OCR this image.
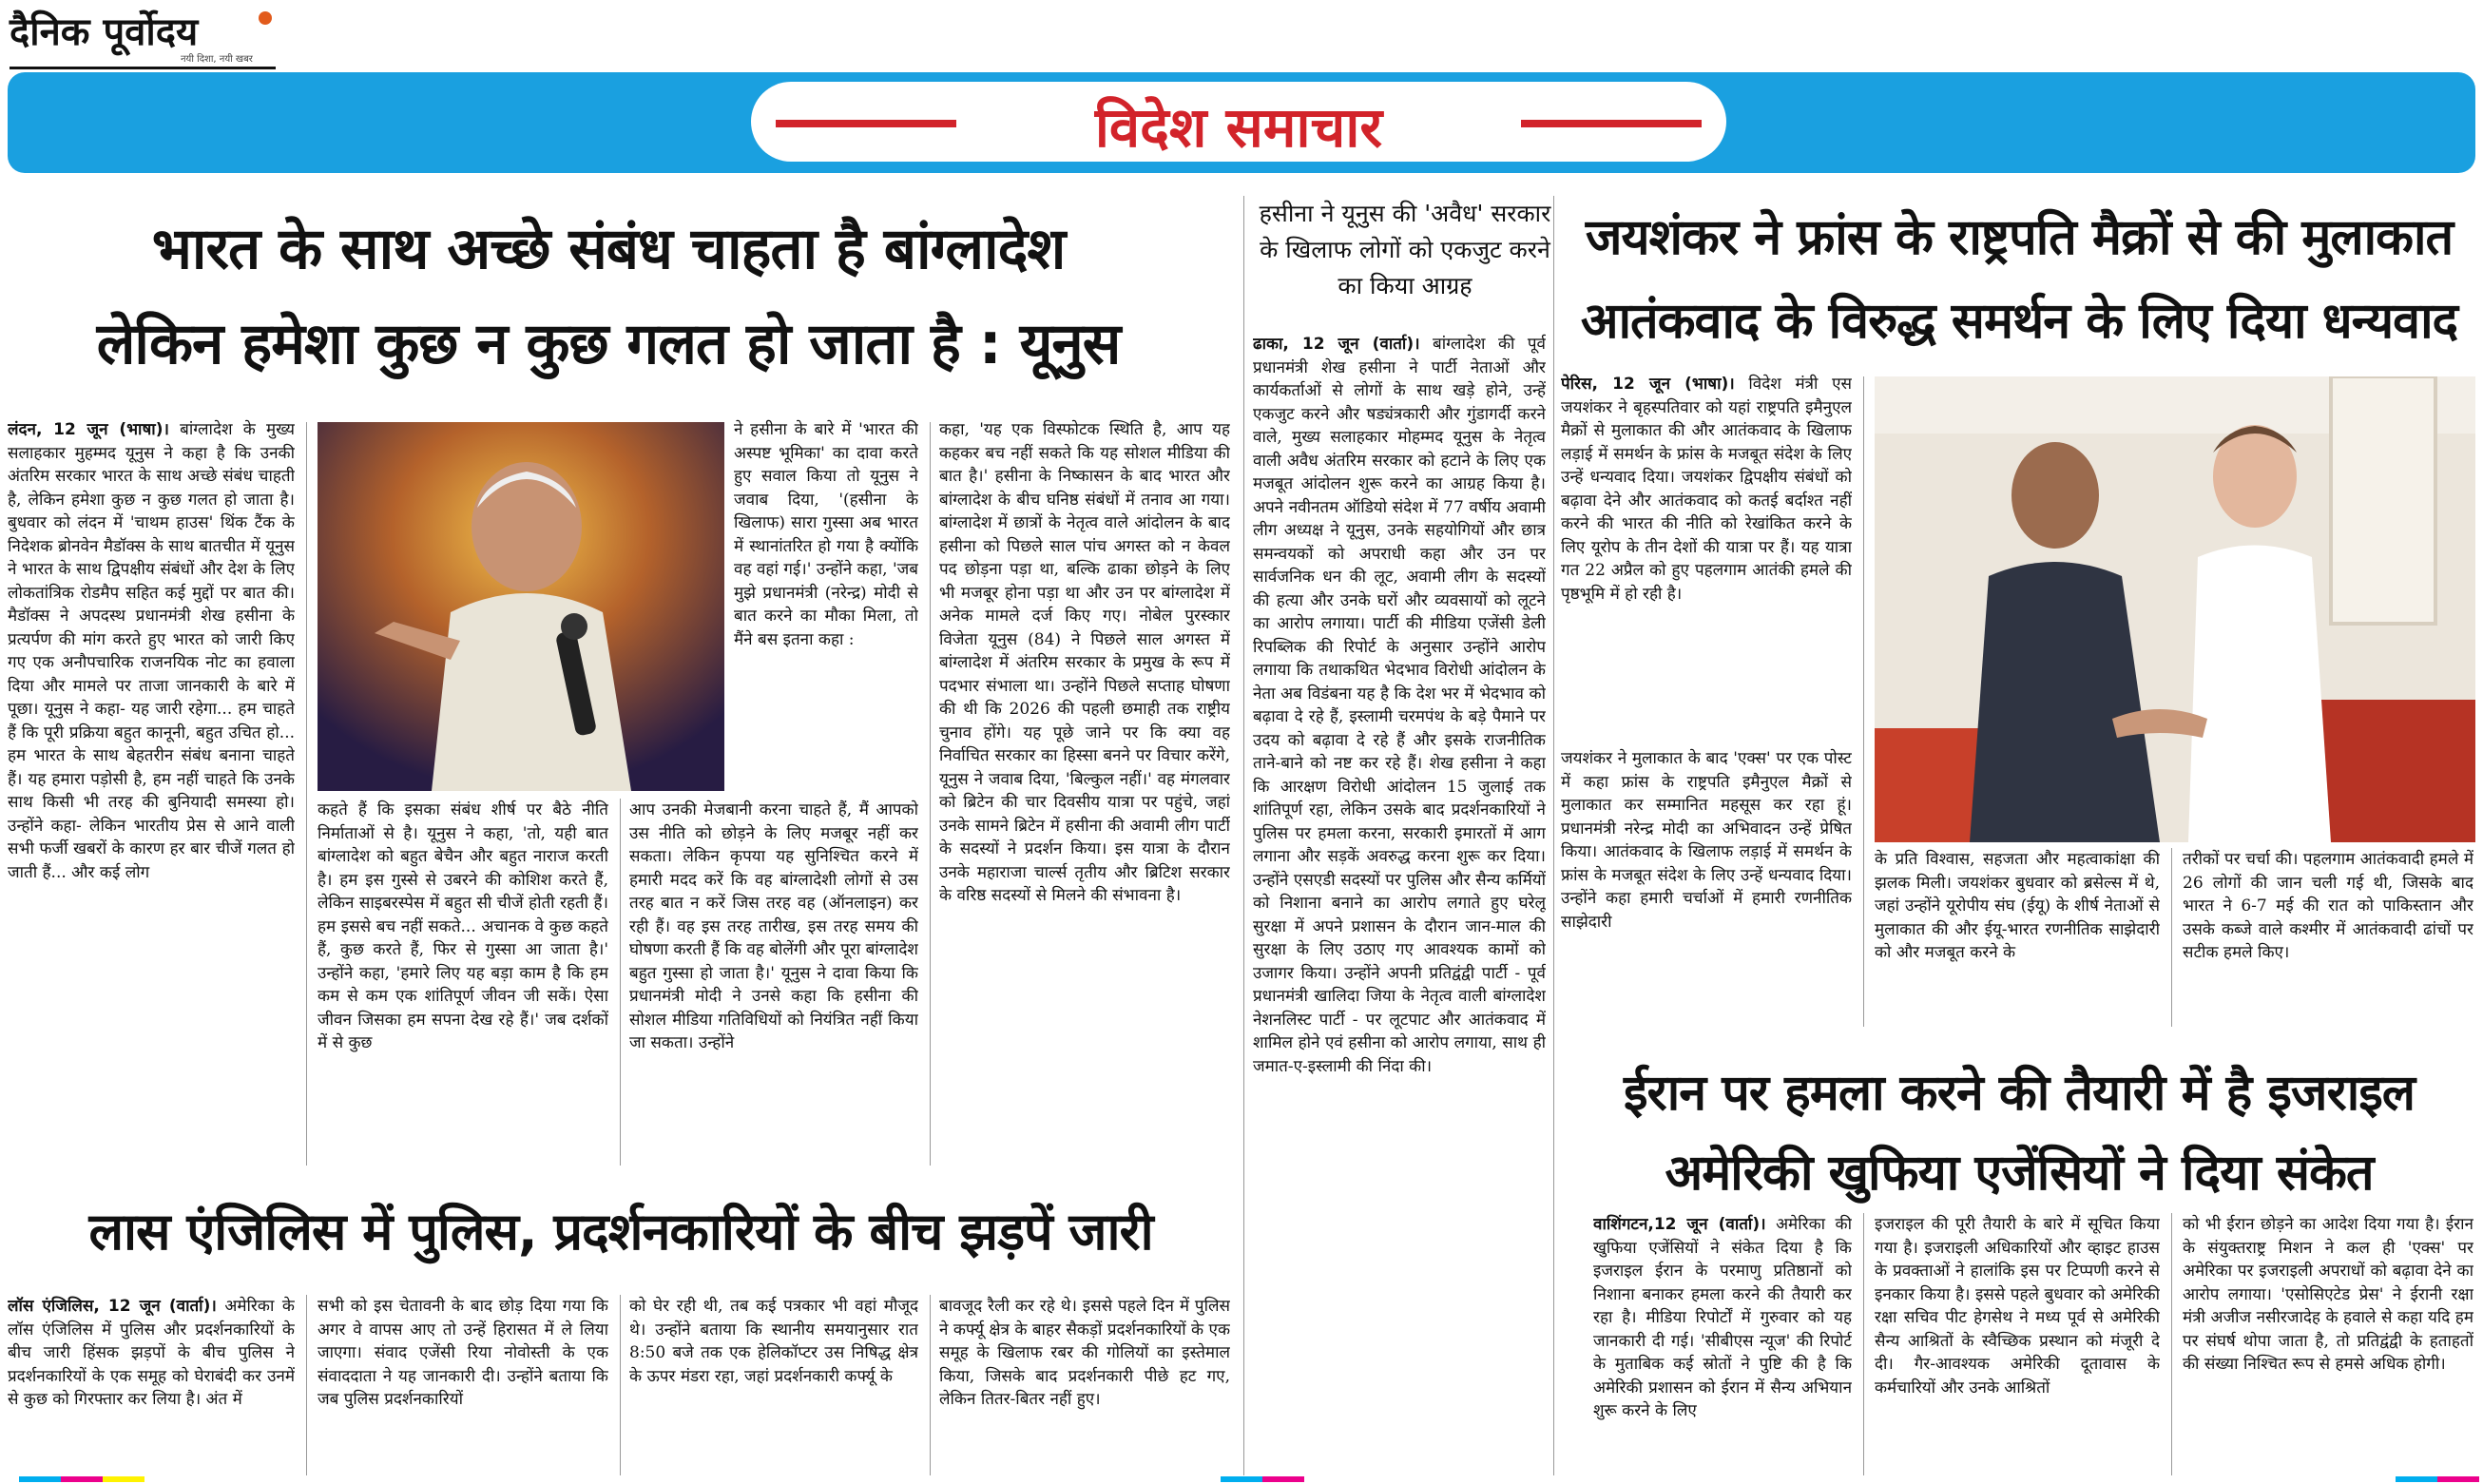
दैनिक पूर्वोदय
नयी दिशा, नयी खबर
विदेश समाचार
भारत के साथ अच्छे संबंध चाहता है बांग्लादेश
लेकिन हमेशा कुछ न कुछ गलत हो जाता है : यूनुस
लंदन, 12 जून (भाषा)। बांग्लादेश के मुख्य सलाहकार मुहम्मद यूनुस ने कहा है कि उनकी अंतरिम सरकार भारत के साथ अच्छे संबंध चाहती है, लेकिन हमेशा कुछ न कुछ गलत हो जाता है। बुधवार को लंदन में 'चाथम हाउस' थिंक टैंक के निदेशक ब्रोनवेन मैडॉक्स के साथ बातचीत में यूनुस ने भारत के साथ द्विपक्षीय संबंधों और देश के लिए लोकतांत्रिक रोडमैप सहित कई मुद्दों पर बात की। मैडॉक्स ने अपदस्थ प्रधानमंत्री शेख हसीना के प्रत्यर्पण की मांग करते हुए भारत को जारी किए गए एक अनौपचारिक राजनयिक नोट का हवाला दिया और मामले पर ताजा जानकारी के बारे में पूछा। यूनुस ने कहा- यह जारी रहेगा... हम चाहते हैं कि पूरी प्रक्रिया बहुत कानूनी, बहुत उचित हो... हम भारत के साथ बेहतरीन संबंध बनाना चाहते हैं। यह हमारा पड़ोसी है, हम नहीं चाहते कि उनके साथ किसी भी तरह की बुनियादी समस्या हो। उन्होंने कहा- लेकिन भारतीय प्रेस से आने वाली सभी फर्जी खबरों के कारण हर बार चीजें गलत हो जाती हैं... और कई लोग
कहते हैं कि इसका संबंध शीर्ष पर बैठे नीति निर्माताओं से है। यूनुस ने कहा, 'तो, यही बात बांग्लादेश को बहुत बेचैन और बहुत नाराज करती है। हम इस गुस्से से उबरने की कोशिश करते हैं, लेकिन साइबरस्पेस में बहुत सी चीजें होती रहती हैं। हम इससे बच नहीं सकते... अचानक वे कुछ कहते हैं, कुछ करते हैं, फिर से गुस्सा आ जाता है।' उन्होंने कहा, 'हमारे लिए यह बड़ा काम है कि हम कम से कम एक शांतिपूर्ण जीवन जी सकें। ऐसा जीवन जिसका हम सपना देख रहे हैं।' जब दर्शकों में से कुछ
ने हसीना के बारे में 'भारत की अस्पष्ट भूमिका' का दावा करते हुए सवाल किया तो यूनुस ने जवाब दिया, '(हसीना के खिलाफ) सारा गुस्सा अब भारत में स्थानांतरित हो गया है क्योंकि वह वहां गई।' उन्होंने कहा, 'जब मुझे प्रधानमंत्री (नरेन्द्र) मोदी से बात करने का मौका मिला, तो मैंने बस इतना कहा :
आप उनकी मेजबानी करना चाहते हैं, मैं आपको उस नीति को छोड़ने के लिए मजबूर नहीं कर सकता। लेकिन कृपया यह सुनिश्चित करने में हमारी मदद करें कि वह बांग्लादेशी लोगों से उस तरह बात न करें जिस तरह वह (ऑनलाइन) कर रही हैं। वह इस तरह तारीख, इस तरह समय की घोषणा करती हैं कि वह बोलेंगी और पूरा बांग्लादेश बहुत गुस्सा हो जाता है।' यूनुस ने दावा किया कि प्रधानमंत्री मोदी ने उनसे कहा कि हसीना की सोशल मीडिया गतिविधियों को नियंत्रित नहीं किया जा सकता। उन्होंने
कहा, 'यह एक विस्फोटक स्थिति है, आप यह कहकर बच नहीं सकते कि यह सोशल मीडिया की बात है।' हसीना के निष्कासन के बाद भारत और बांग्लादेश के बीच घनिष्ठ संबंधों में तनाव आ गया। बांग्लादेश में छात्रों के नेतृत्व वाले आंदोलन के बाद हसीना को पिछले साल पांच अगस्त को न केवल पद छोड़ना पड़ा था, बल्कि ढाका छोड़ने के लिए भी मजबूर होना पड़ा था और उन पर बांग्लादेश में अनेक मामले दर्ज किए गए। नोबेल पुरस्कार विजेता यूनुस (84) ने पिछले साल अगस्त में बांग्लादेश में अंतरिम सरकार के प्रमुख के रूप में पदभार संभाला था। उन्होंने पिछले सप्ताह घोषणा की थी कि 2026 की पहली छमाही तक राष्ट्रीय चुनाव होंगे। यह पूछे जाने पर कि क्या वह निर्वाचित सरकार का हिस्सा बनने पर विचार करेंगे, यूनुस ने जवाब दिया, 'बिल्कुल नहीं।' वह मंगलवार को ब्रिटेन की चार दिवसीय यात्रा पर पहुंचे, जहां उनके सामने ब्रिटेन में हसीना की अवामी लीग पार्टी के सदस्यों ने प्रदर्शन किया। इस यात्रा के दौरान उनके महाराजा चार्ल्स तृतीय और ब्रिटिश सरकार के वरिष्ठ सदस्यों से मिलने की संभावना है।
लास एंजिलिस में पुलिस, प्रदर्शनकारियों के बीच झड़पें जारी
लॉस एंजिलिस, 12 जून (वार्ता)। अमेरिका के लॉस एंजिलिस में पुलिस और प्रदर्शनकारियों के बीच जारी हिंसक झड़पों के बीच पुलिस ने प्रदर्शनकारियों के एक समूह को घेराबंदी कर उनमें से कुछ को गिरफ्तार कर लिया है। अंत में
सभी को इस चेतावनी के बाद छोड़ दिया गया कि अगर वे वापस आए तो उन्हें हिरासत में ले लिया जाएगा। संवाद एजेंसी रिया नोवोस्ती के एक संवाददाता ने यह जानकारी दी। उन्होंने बताया कि जब पुलिस प्रदर्शनकारियों
को घेर रही थी, तब कई पत्रकार भी वहां मौजूद थे। उन्होंने बताया कि स्थानीय समयानुसार रात 8:50 बजे तक एक हेलिकॉप्टर उस निषिद्ध क्षेत्र के ऊपर मंडरा रहा, जहां प्रदर्शनकारी कर्फ्यू के
बावजूद रैली कर रहे थे। इससे पहले दिन में पुलिस ने कर्फ्यू क्षेत्र के बाहर सैकड़ों प्रदर्शनकारियों के एक समूह के खिलाफ रबर की गोलियों का इस्तेमाल किया, जिसके बाद प्रदर्शनकारी पीछे हट गए, लेकिन तितर-बितर नहीं हुए।
हसीना ने यूनुस की 'अवैध' सरकार के खिलाफ लोगों को एकजुट करने का किया आग्रह
ढाका, 12 जून (वार्ता)। बांग्लादेश की पूर्व प्रधानमंत्री शेख हसीना ने पार्टी नेताओं और कार्यकर्ताओं से लोगों के साथ खड़े होने, उन्हें एकजुट करने और षड्यंत्रकारी और गुंडागर्दी करने वाले, मुख्य सलाहकार मोहम्मद यूनुस के नेतृत्व वाली अवैध अंतरिम सरकार को हटाने के लिए एक मजबूत आंदोलन शुरू करने का आग्रह किया है। अपने नवीनतम ऑडियो संदेश में 77 वर्षीय अवामी लीग अध्यक्ष ने यूनुस, उनके सहयोगियों और छात्र समन्वयकों को अपराधी कहा और उन पर सार्वजनिक धन की लूट, अवामी लीग के सदस्यों की हत्या और उनके घरों और व्यवसायों को लूटने का आरोप लगाया। पार्टी की मीडिया एजेंसी डेली रिपब्लिक की रिपोर्ट के अनुसार उन्होंने आरोप लगाया कि तथाकथित भेदभाव विरोधी आंदोलन के नेता अब विडंबना यह है कि देश भर में भेदभाव को बढ़ावा दे रहे हैं, इस्लामी चरमपंथ के बड़े पैमाने पर उदय को बढ़ावा दे रहे हैं और इसके राजनीतिक ताने-बाने को नष्ट कर रहे हैं। शेख हसीना ने कहा कि आरक्षण विरोधी आंदोलन 15 जुलाई तक शांतिपूर्ण रहा, लेकिन उसके बाद प्रदर्शनकारियों ने पुलिस पर हमला करना, सरकारी इमारतों में आग लगाना और सड़कें अवरुद्ध करना शुरू कर दिया। उन्होंने एसएडी सदस्यों पर पुलिस और सैन्य कर्मियों को निशाना बनाने का आरोप लगाते हुए घरेलू सुरक्षा में अपने प्रशासन के दौरान जान-माल की सुरक्षा के लिए उठाए गए आवश्यक कामों को उजागर किया। उन्होंने अपनी प्रतिद्वंद्वी पार्टी - पूर्व प्रधानमंत्री खालिदा जिया के नेतृत्व वाली बांग्लादेश नेशनलिस्ट पार्टी - पर लूटपाट और आतंकवाद में शामिल होने एवं हसीना को आरोप लगाया, साथ ही जमात-ए-इस्लामी की निंदा की।
जयशंकर ने फ्रांस के राष्ट्रपति मैक्रों से की मुलाकात
आतंकवाद के विरुद्ध समर्थन के लिए दिया धन्यवाद
पेरिस, 12 जून (भाषा)। विदेश मंत्री एस जयशंकर ने बृहस्पतिवार को यहां राष्ट्रपति इमैनुएल मैक्रों से मुलाकात की और आतंकवाद के खिलाफ लड़ाई में समर्थन के फ्रांस के मजबूत संदेश के लिए उन्हें धन्यवाद दिया। जयशंकर द्विपक्षीय संबंधों को बढ़ावा देने और आतंकवाद को कतई बर्दाश्त नहीं करने की भारत की नीति को रेखांकित करने के लिए यूरोप के तीन देशों की यात्रा पर हैं। यह यात्रा गत 22 अप्रैल को हुए पहलगाम आतंकी हमले की पृष्ठभूमि में हो रही है।
जयशंकर ने मुलाकात के बाद 'एक्स' पर एक पोस्ट में कहा फ्रांस के राष्ट्रपति इमैनुएल मैक्रों से मुलाकात कर सम्मानित महसूस कर रहा हूं। प्रधानमंत्री नरेन्द्र मोदी का अभिवादन उन्हें प्रेषित किया। आतंकवाद के खिलाफ लड़ाई में समर्थन के फ्रांस के मजबूत संदेश के लिए उन्हें धन्यवाद दिया। उन्होंने कहा हमारी चर्चाओं में हमारी रणनीतिक साझेदारी
के प्रति विश्वास, सहजता और महत्वाकांक्षा की झलक मिली। जयशंकर बुधवार को ब्रसेल्स में थे, जहां उन्होंने यूरोपीय संघ (ईयू) के शीर्ष नेताओं से मुलाकात की और ईयू-भारत रणनीतिक साझेदारी को और मजबूत करने के
तरीकों पर चर्चा की। पहलगाम आतंकवादी हमले में 26 लोगों की जान चली गई थी, जिसके बाद भारत ने 6-7 मई की रात को पाकिस्तान और उसके कब्जे वाले कश्मीर में आतंकवादी ढांचों पर सटीक हमले किए।
ईरान पर हमला करने की तैयारी में है इजराइल
अमेरिकी खुफिया एजेंसियों ने दिया संकेत
वाशिंगटन,12 जून (वार्ता)। अमेरिका की खुफिया एजेंसियों ने संकेत दिया है कि इजराइल ईरान के परमाणु प्रतिष्ठानों को निशाना बनाकर हमला करने की तैयारी कर रहा है। मीडिया रिपोर्टों में गुरुवार को यह जानकारी दी गई। 'सीबीएस न्यूज' की रिपोर्ट के मुताबिक कई स्रोतों ने पुष्टि की है कि अमेरिकी प्रशासन को ईरान में सैन्य अभियान शुरू करने के लिए
इजराइल की पूरी तैयारी के बारे में सूचित किया गया है। इजराइली अधिकारियों और व्हाइट हाउस के प्रवक्ताओं ने हालांकि इस पर टिप्पणी करने से इनकार किया है। इससे पहले बुधवार को अमेरिकी रक्षा सचिव पीट हेगसेथ ने मध्य पूर्व से अमेरिकी सैन्य आश्रितों के स्वैच्छिक प्रस्थान को मंजूरी दे दी। गैर-आवश्यक अमेरिकी दूतावास के कर्मचारियों और उनके आश्रितों
को भी ईरान छोड़ने का आदेश दिया गया है। ईरान के संयुक्तराष्ट्र मिशन ने कल ही 'एक्स' पर अमेरिका पर इजराइली अपराधों को बढ़ावा देने का आरोप लगाया। 'एसोसिएटेड प्रेस' ने ईरानी रक्षा मंत्री अजीज नसीरजादेह के हवाले से कहा यदि हम पर संघर्ष थोपा जाता है, तो प्रतिद्वंद्वी के हताहतों की संख्या निश्चित रूप से हमसे अधिक होगी।
